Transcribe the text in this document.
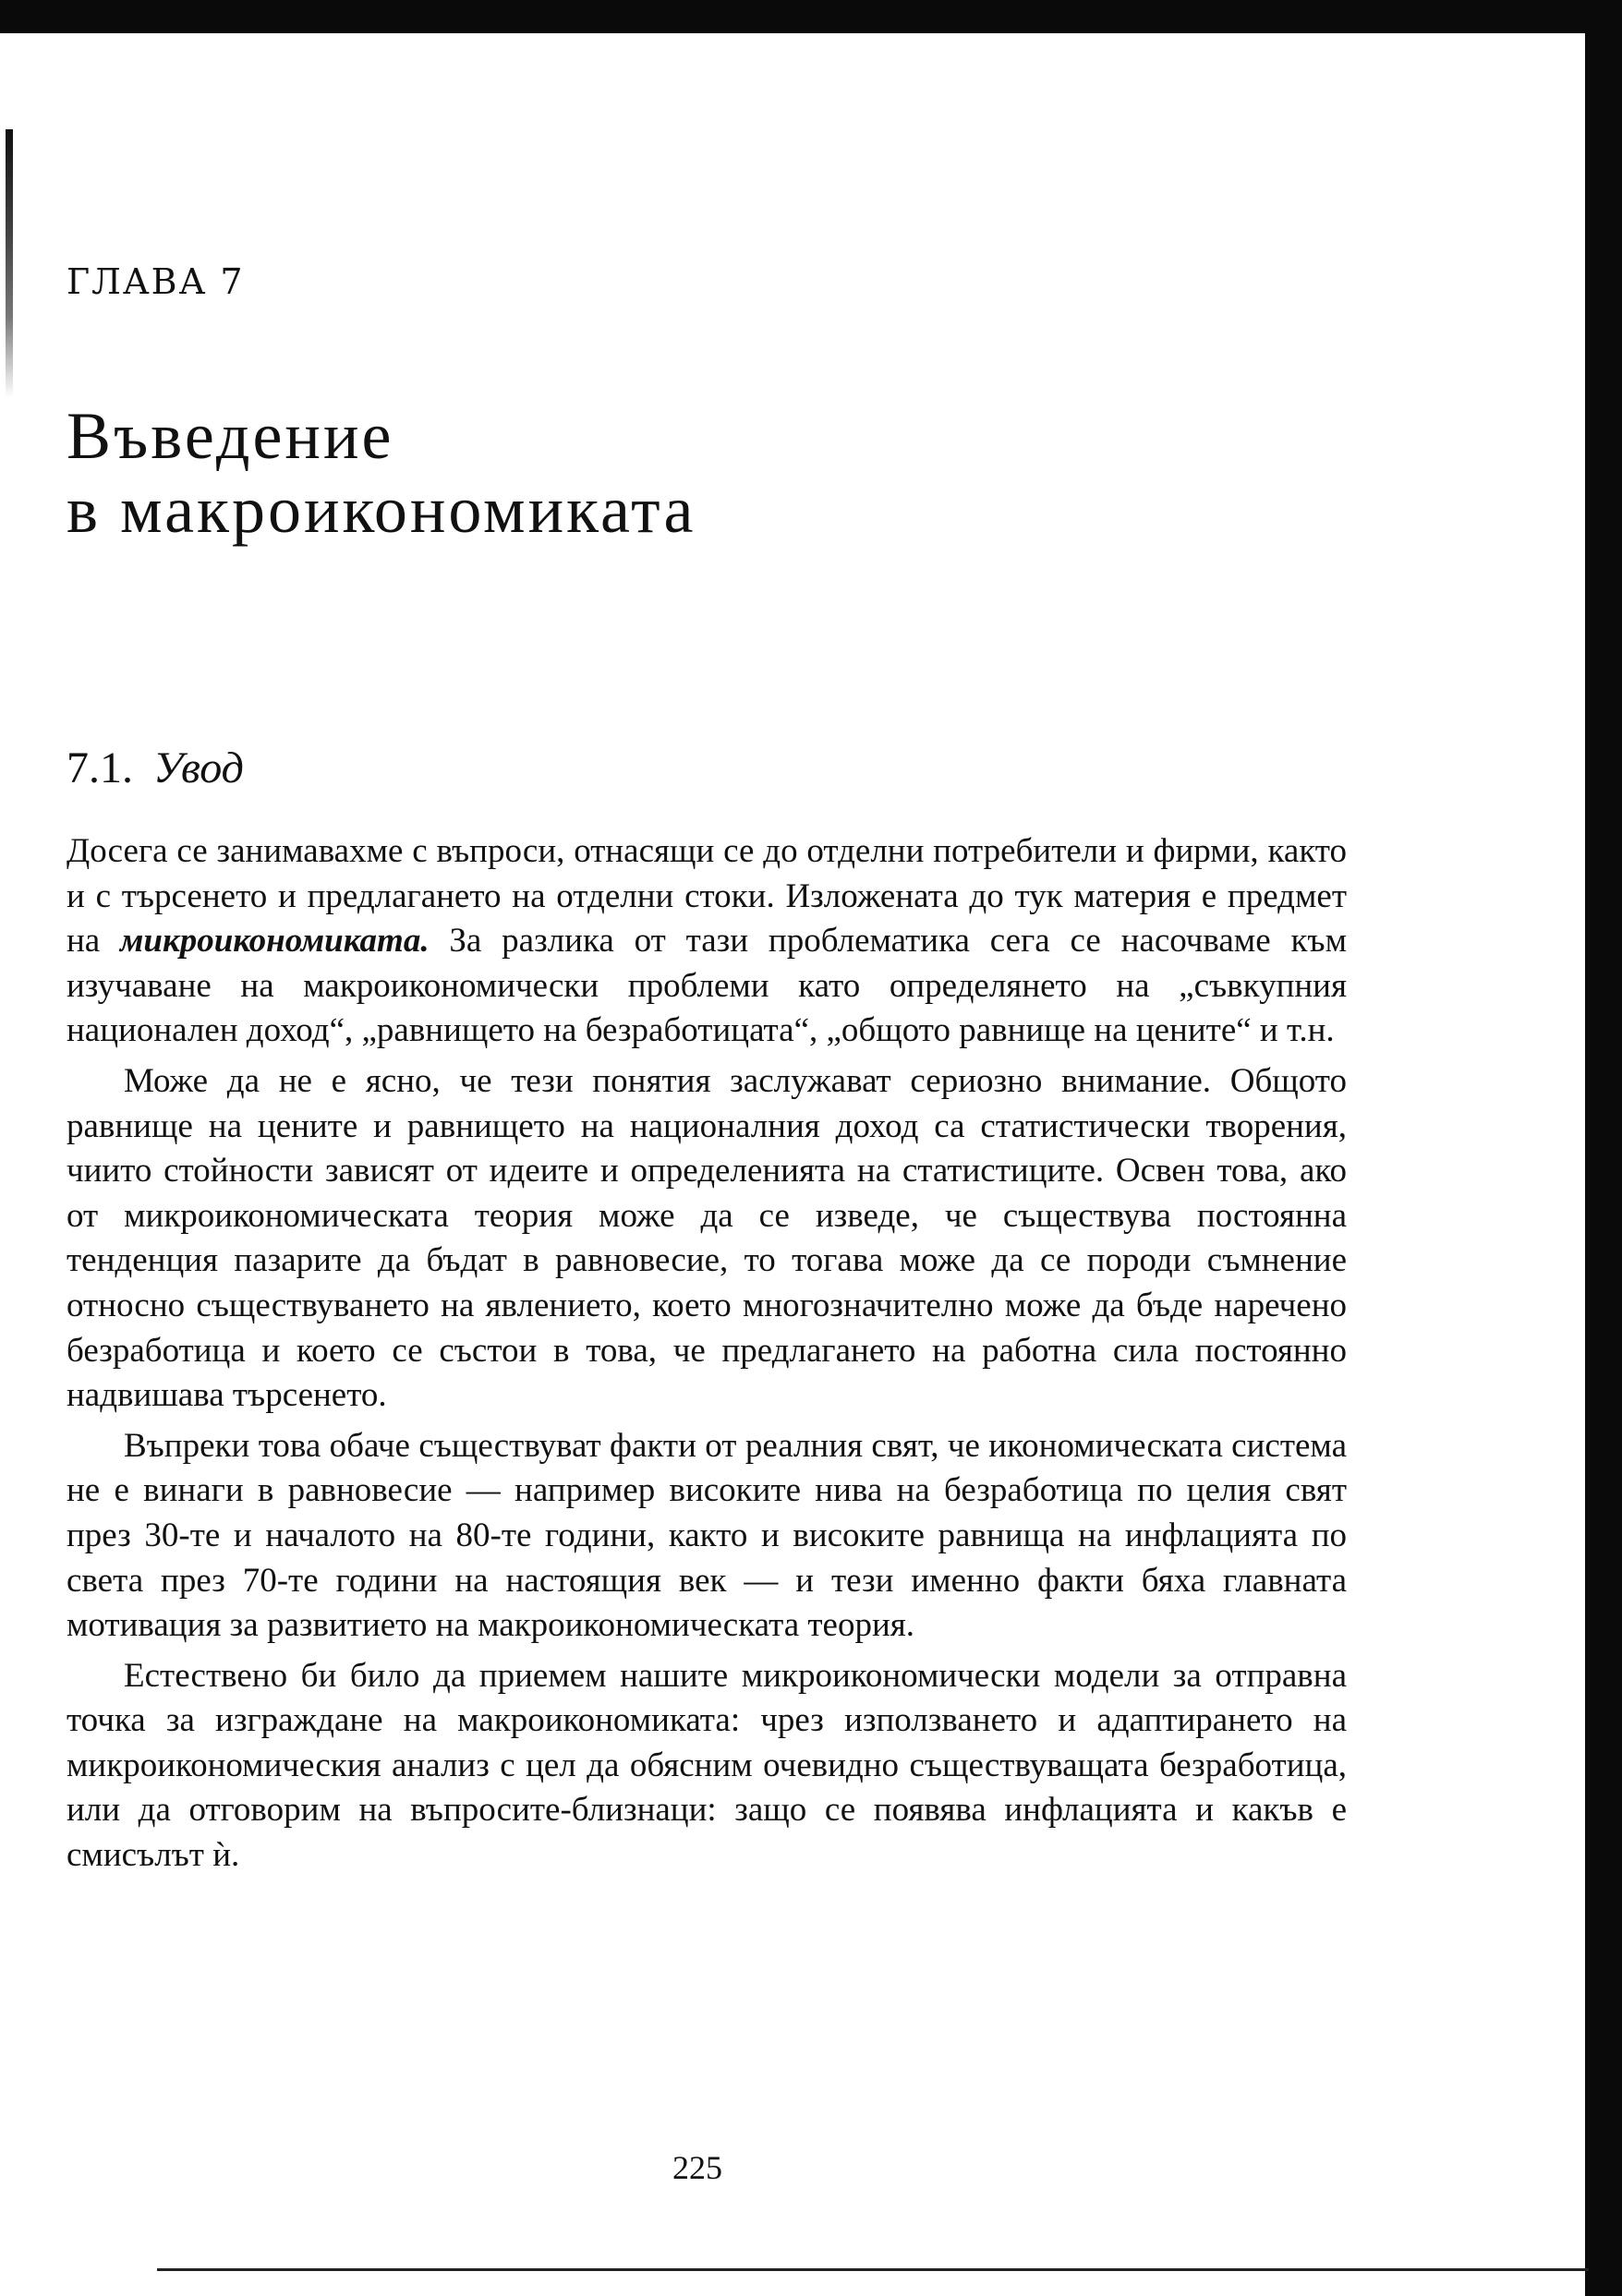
ГЛАВА 7
Въведение
в макроикономиката
7.1. Увод

Досега се занимавахме с въпроси, отнасящи се до отделни потребители и фирми, както и с търсенето и предлагането на отделни стоки. Изложената до тук материя е предмет на микроикономиката. За разлика от тази проблематика сега се насочваме към изучаване на макроикономически проблеми като определянето на „съвкупния национален доход“, „равнището на безработицата“, „общото равнище на цените“ и т.н.

Може да не е ясно, че тези понятия заслужават сериозно внимание. Общото равнище на цените и равнището на националния доход са статистически творения, чиито стойности зависят от идеите и определенията на статистиците. Освен това, ако от микроикономическата теория може да се изведе, че съществува постоянна тенденция пазарите да бъдат в равновесие, то тогава може да се породи съмнение относно съществуването на явлението, което многозначително може да бъде наречено безработица и което се състои в това, че предлагането на работна сила постоянно надвишава търсенето.

Въпреки това обаче съществуват факти от реалния свят, че икономическата система не е винаги в равновесие — например високите нива на безработица по целия свят през 30-те и началото на 80-те години, както и високите равнища на инфлацията по света през 70-те години на настоящия век — и тези именно факти бяха главната мотивация за развитието на макроикономическата теория.

Естествено би било да приемем нашите микроикономически модели за отправна точка за изграждане на макроикономиката: чрез използването и адаптирането на микроикономическия анализ с цел да обясним очевидно съществуващата безработица, или да отговорим на въпросите-близнаци: защо се появява инфлацията и какъв е смисълът ѝ.

225
